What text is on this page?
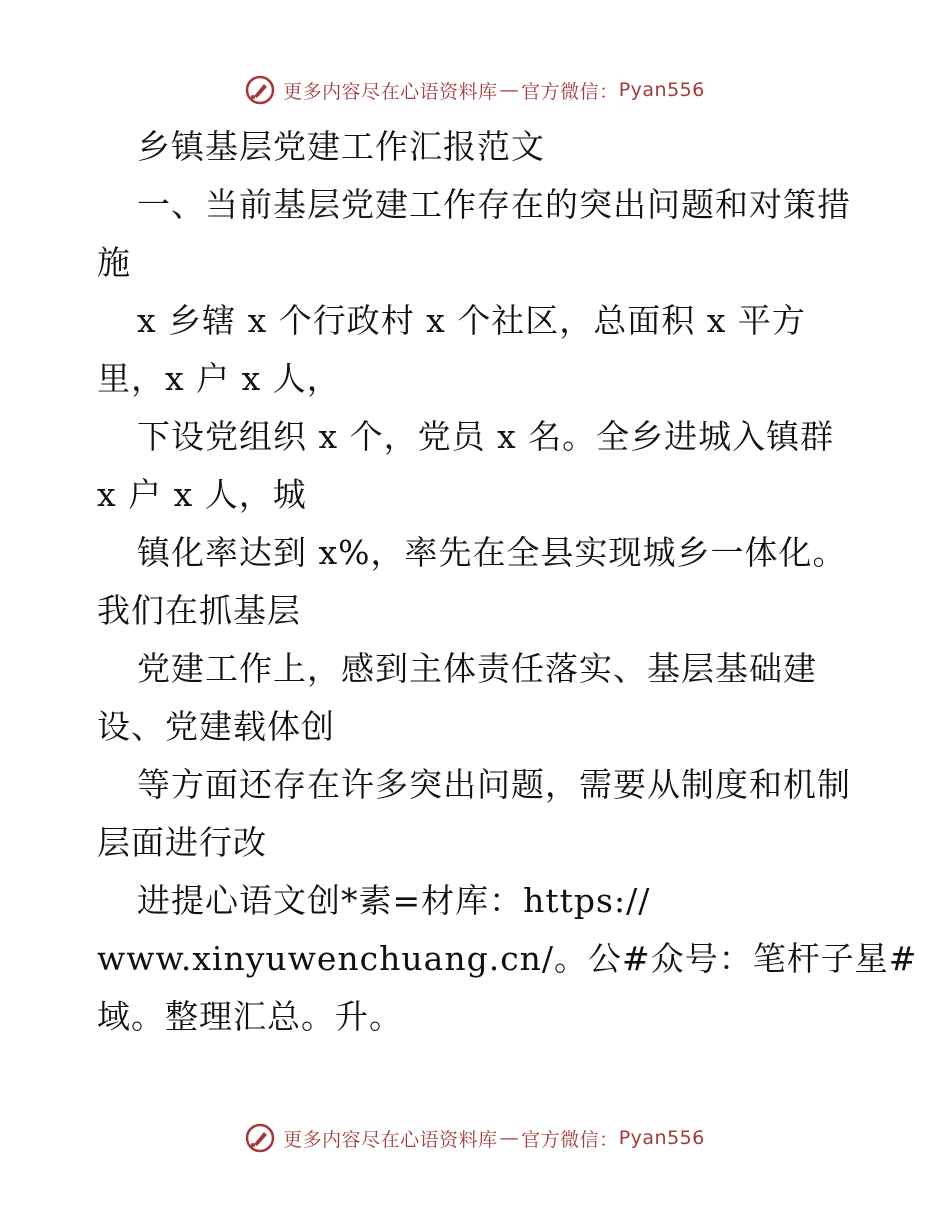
更多内容尽在心语资料库 — 官方微信： Pyan556
乡镇基层党建工作汇报范文
一、当前基层党建工作存在的突出问题和对策措
施
x 乡辖 x 个行政村 x 个社区，总面积 x 平方
里，x 户 x 人，
下设党组织 x 个，党员 x 名。全乡进城入镇群
x 户 x 人，城
镇化率达到 x%，率先在全县实现城乡一体化。
我们在抓基层
党建工作上，感到主体责任落实、基层基础建
设、党建载体创
等方面还存在许多突出问题，需要从制度和机制
层面进行改
进提心语文创*素=材库：https://
www.xinyuwenchuang.cn/。公#众号：笔杆子星#
域。整理汇总。升。
更多内容尽在心语资料库 — 官方微信： Pyan556
